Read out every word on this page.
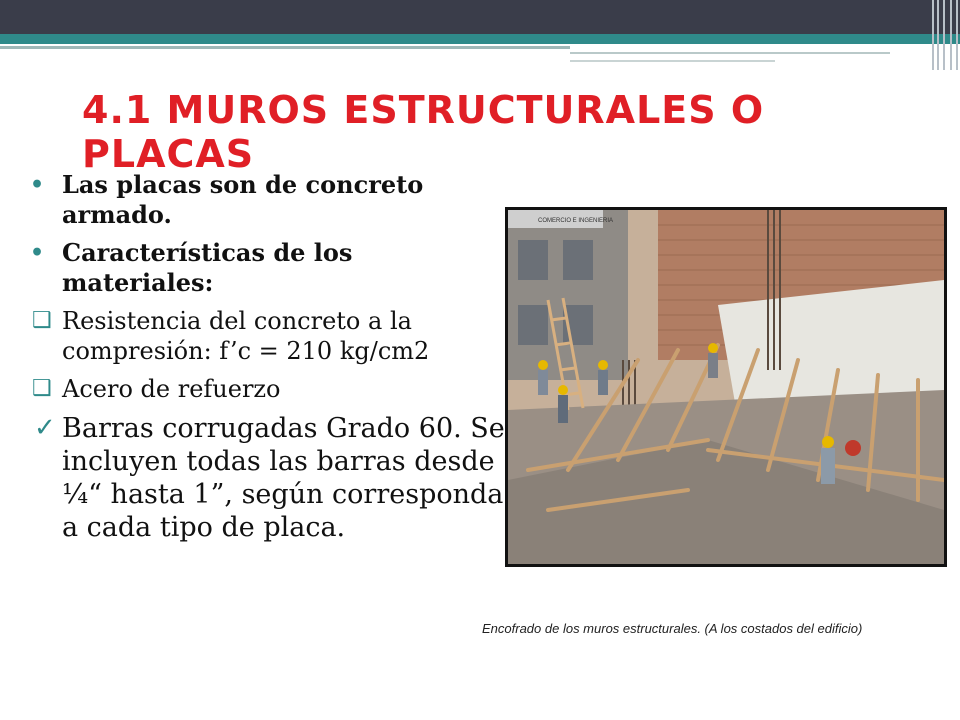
4.1 MUROS ESTRUCTURALES O PLACAS
• Las placas son de concreto armado.
• Características de los materiales:
❑ Resistencia del concreto a la compresión: f’c = 210 kg/cm2
❑ Acero de refuerzo
✓ Barras corrugadas Grado 60. Se incluyen todas las barras desde ¼“ hasta 1”, según corresponda a cada tipo de placa.
COMERCIO E INGENIERIA

Encofrado de los muros estructurales. (A los costados del edificio)
